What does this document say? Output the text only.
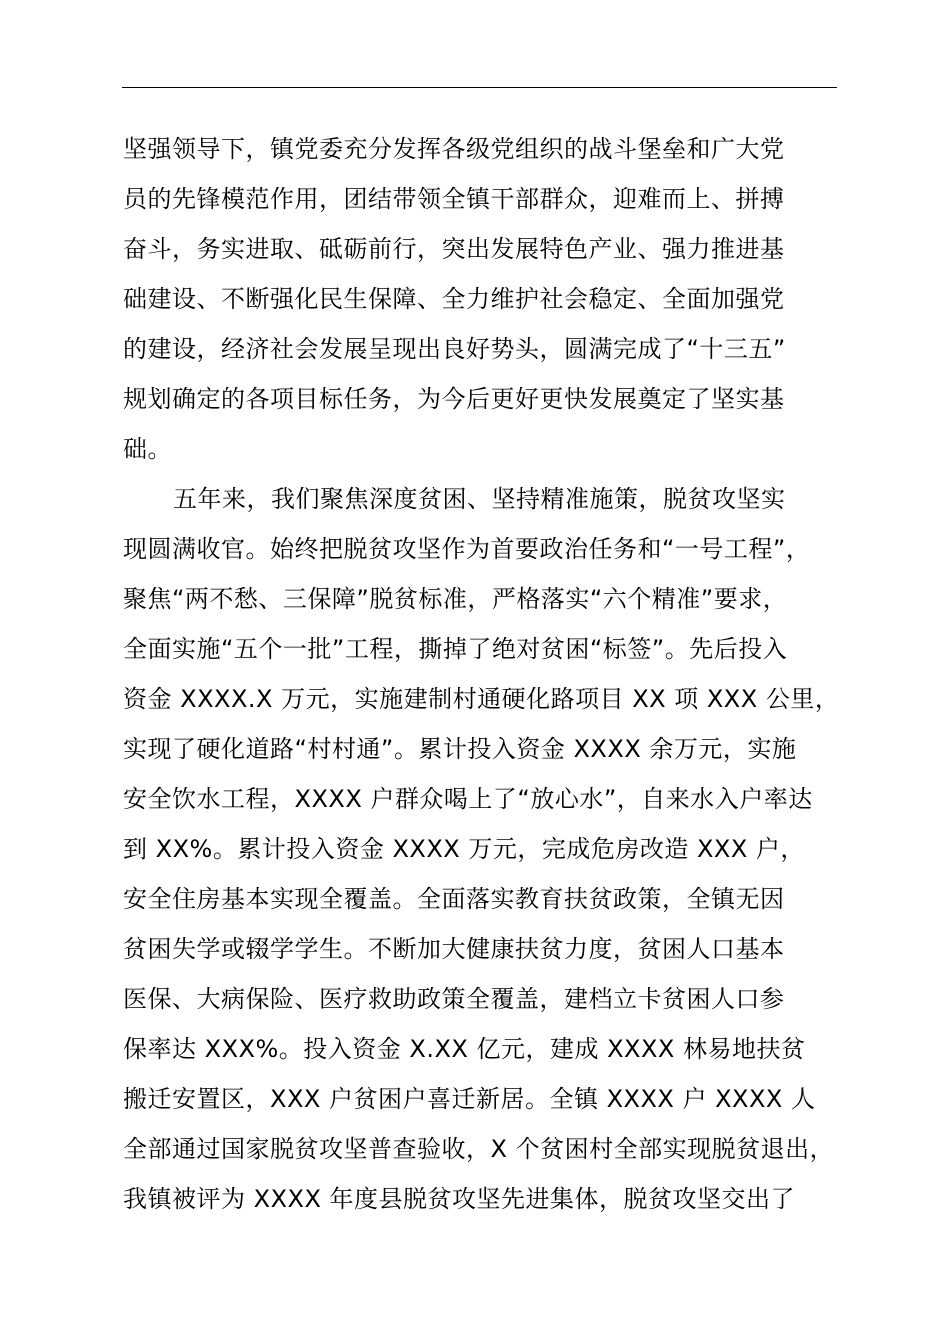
坚强领导下，镇党委充分发挥各级党组织的战斗堡垒和广大党
员的先锋模范作用，团结带领全镇干部群众，迎难而上、拼搏
奋斗，务实进取、砥砺前行，突出发展特色产业、强力推进基
础建设、不断强化民生保障、全力维护社会稳定、全面加强党
的建设，经济社会发展呈现出良好势头，圆满完成了“十三五”
规划确定的各项目标任务，为今后更好更快发展奠定了坚实基
础。
五年来，我们聚焦深度贫困、坚持精准施策，脱贫攻坚实
现圆满收官。始终把脱贫攻坚作为首要政治任务和“一号工程”，
聚焦“两不愁、三保障”脱贫标准，严格落实“六个精准”要求，
全面实施“五个一批”工程，撕掉了绝对贫困“标签”。先后投入
资金 XXXX.X 万元，实施建制村通硬化路项目 XX 项 XXX 公里，
实现了硬化道路“村村通”。累计投入资金 XXXX 余万元，实施
安全饮水工程，XXXX 户群众喝上了“放心水”，自来水入户率达
到 XX%。累计投入资金 XXXX 万元，完成危房改造 XXX 户，
安全住房基本实现全覆盖。全面落实教育扶贫政策，全镇无因
贫困失学或辍学学生。不断加大健康扶贫力度，贫困人口基本
医保、大病保险、医疗救助政策全覆盖，建档立卡贫困人口参
保率达 XXX%。投入资金 X.XX 亿元，建成 XXXX 林易地扶贫
搬迁安置区，XXX 户贫困户喜迁新居。全镇 XXXX 户 XXXX 人
全部通过国家脱贫攻坚普查验收，X 个贫困村全部实现脱贫退出，
我镇被评为 XXXX 年度县脱贫攻坚先进集体，脱贫攻坚交出了
